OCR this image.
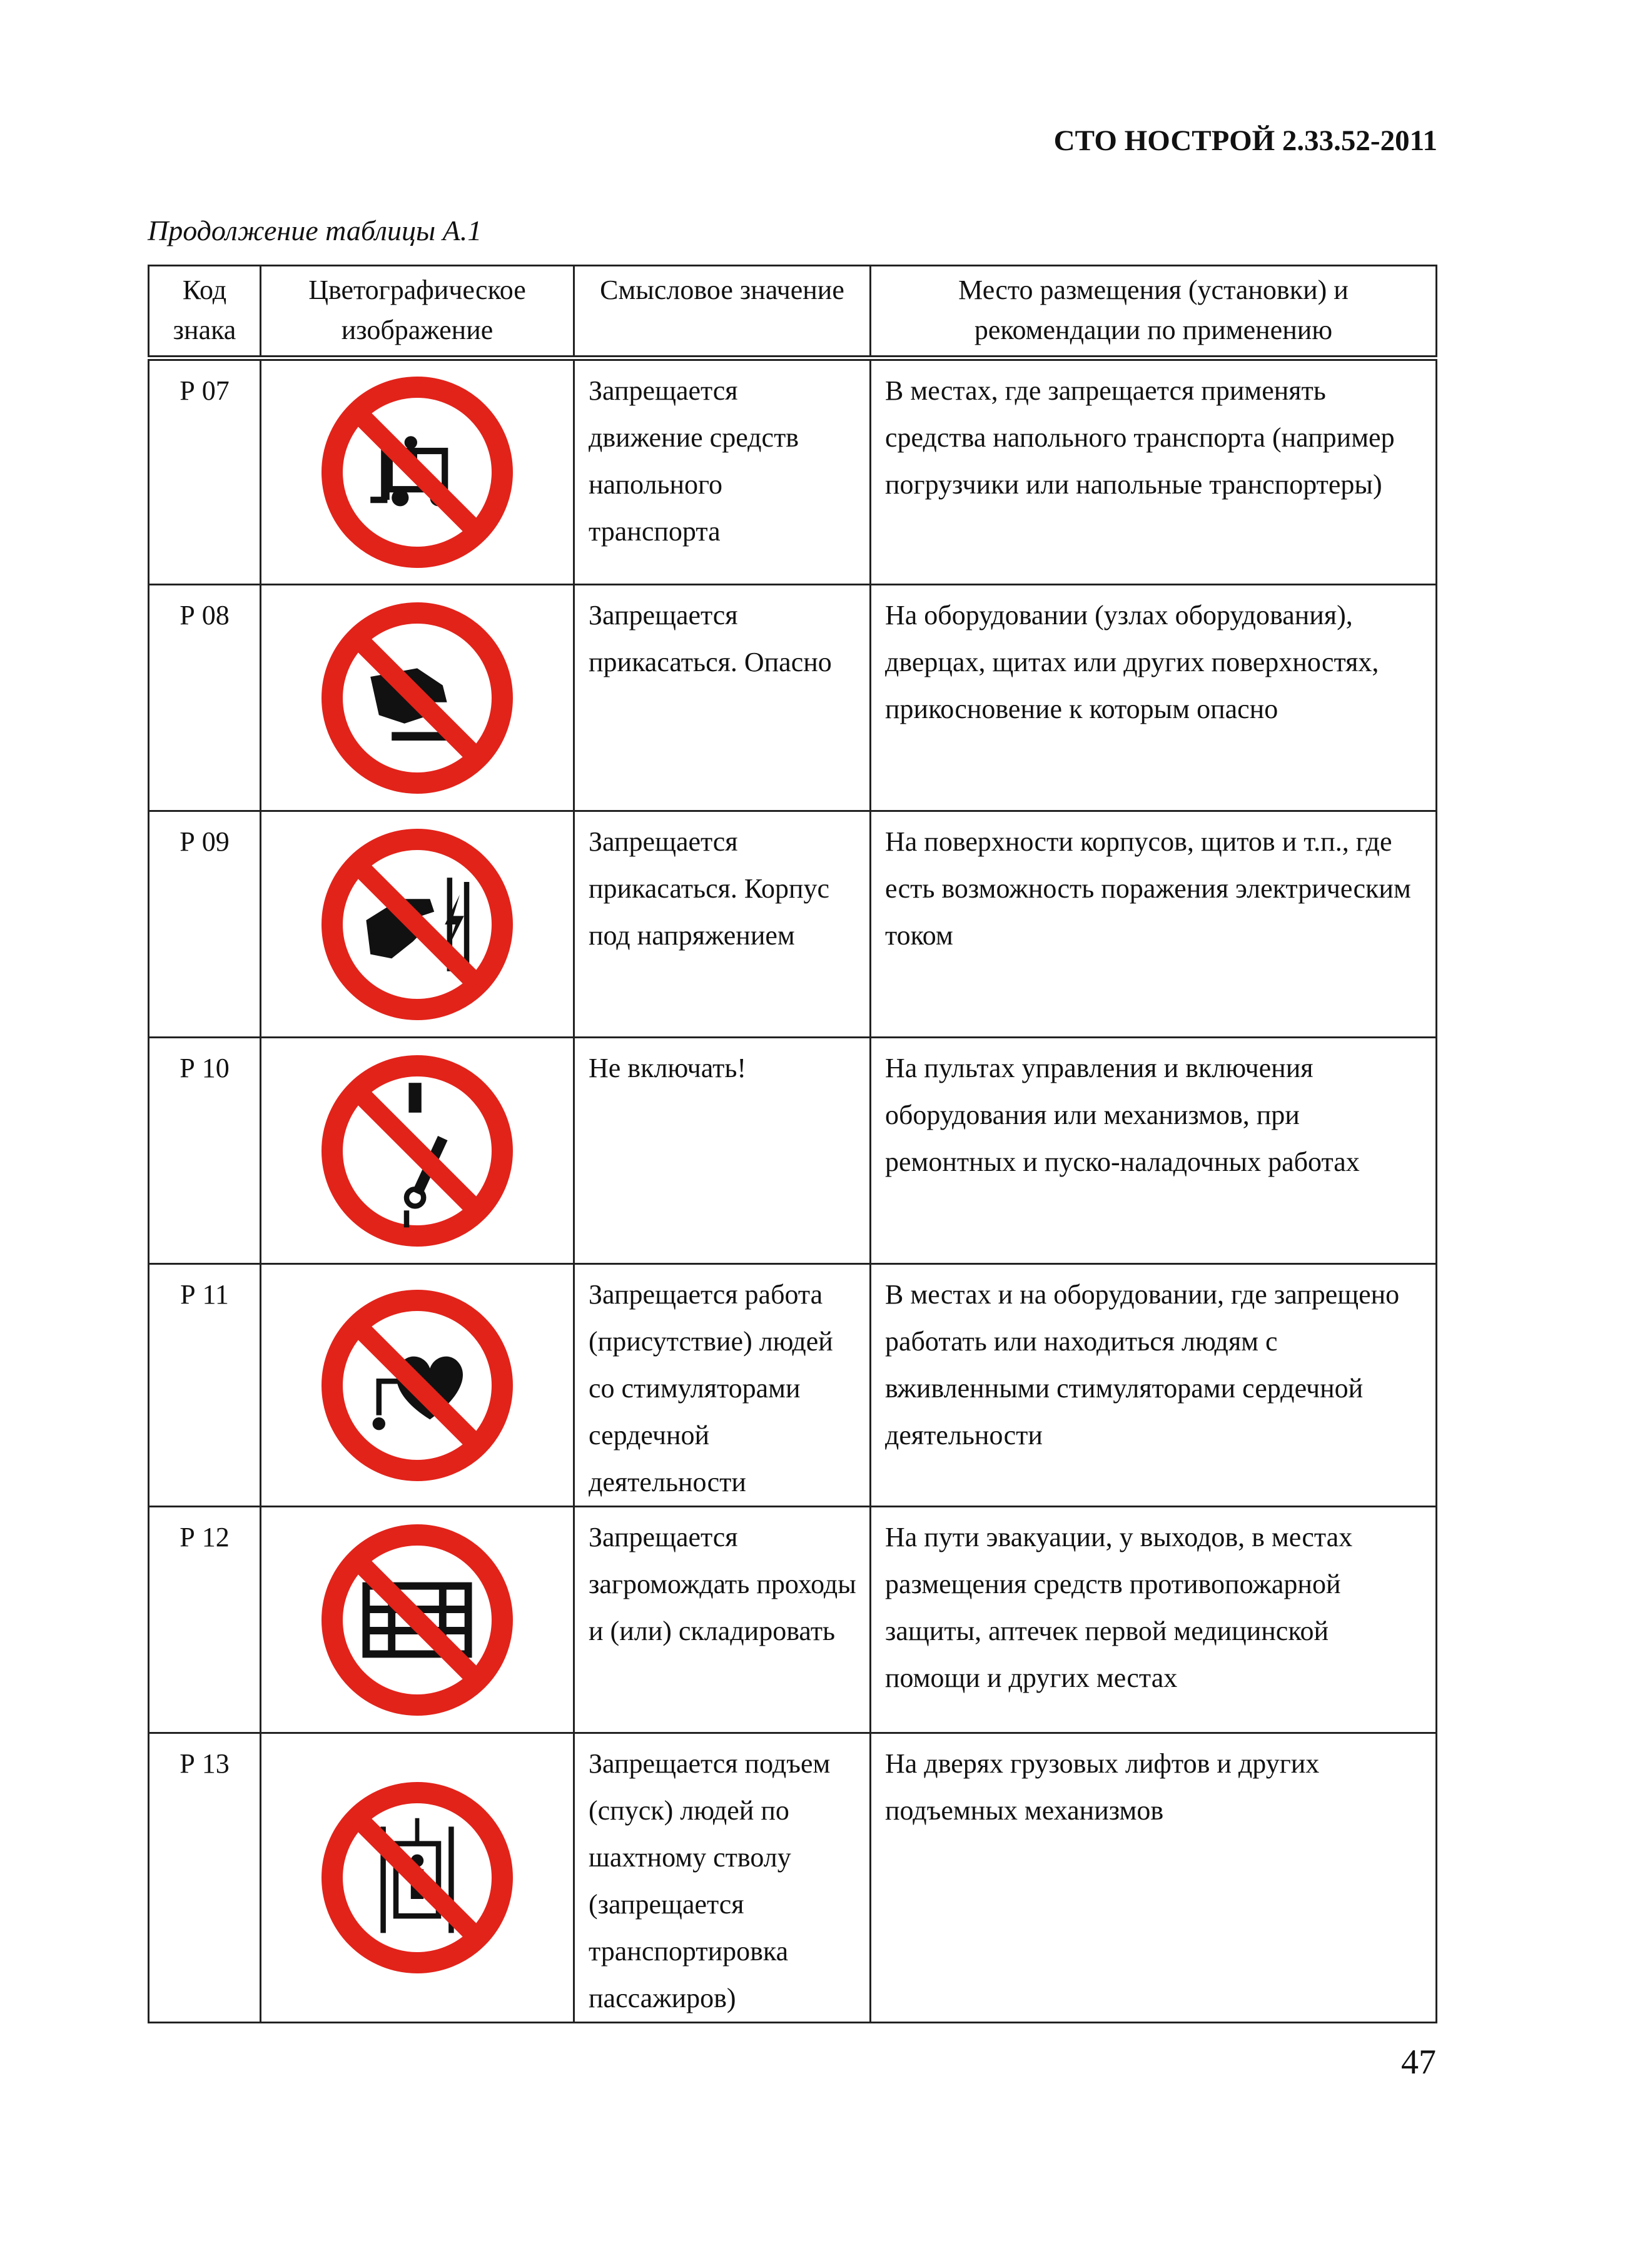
СТО НОСТРОЙ 2.33.52-2011
Продолжение таблицы А.1
Код знака	Цветографическое изображение	Смысловое значение	Место размещения (установки) и рекомендации по применению
Р 07		Запрещается движение средств напольного транспорта	В местах, где запрещается применять средства напольного транспорта (например погрузчики или напольные транспортеры)
Р 08		Запрещается прикасаться. Опасно	На оборудовании (узлах оборудования), дверцах, щитах или других поверхностях, прикосновение к которым опасно
Р 09		Запрещается прикасаться. Корпус под напряжением	На поверхности корпусов, щитов и т.п., где есть возможность поражения электрическим током
Р 10		Не включать!	На пультах управления и включения оборудования или механизмов, при ремонтных и пуско-наладочных работах
Р 11		Запрещается работа (присутствие) людей со стимуляторами сердечной деятельности	В местах и на оборудовании, где запрещено работать или находиться людям с вживленными стимуляторами сердечной деятельности
Р 12		Запрещается загромождать проходы и (или) складировать	На пути эвакуации, у выходов, в местах размещения средств противопожарной защиты, аптечек первой медицинской помощи и других местах
Р 13		Запрещается подъем (спуск) людей по шахтному стволу (запрещается транспортировка пассажиров)	На дверях грузовых лифтов и других подъемных механизмов
47
